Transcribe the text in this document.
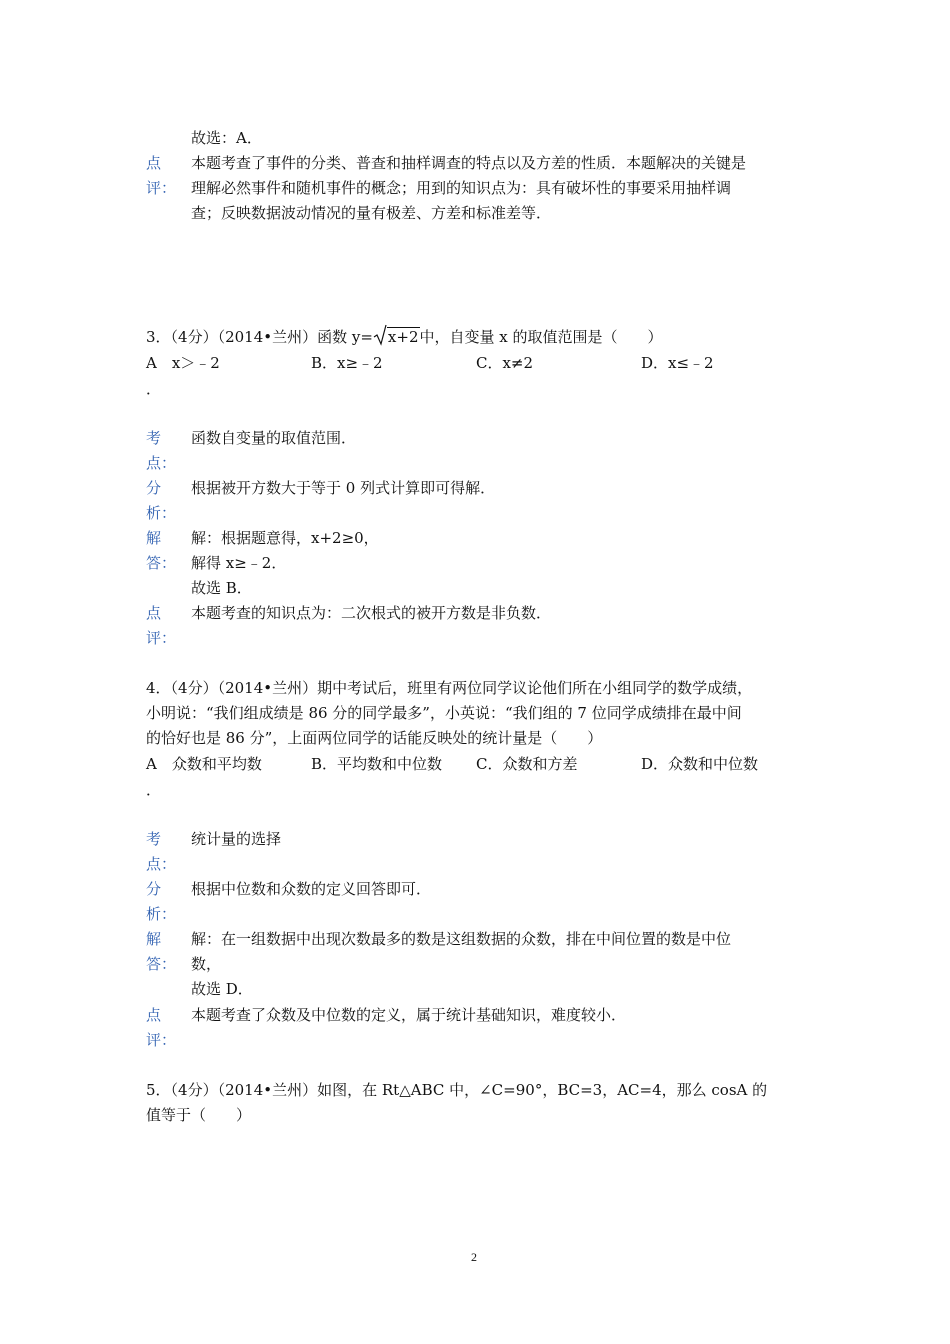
故选：A．
点
评：
本题考查了事件的分类、普查和抽样调查的特点以及方差的性质．本题解决的关键是
理解必然事件和随机事件的概念；用到的知识点为：具有破坏性的事要采用抽样调
查；反映数据波动情况的量有极差、方差和标准差等．
3．（4分）（2014•兰州）函数 y= x+2中，自变量 x 的取值范围是（　　）
A　x＞﹣2	B．x≥﹣2	C．x≠2	D．x≤﹣2
．
考
点：
函数自变量的取值范围．
分
析：
根据被开方数大于等于 0 列式计算即可得解．
解
答：
解：根据题意得，x+2≥0，
解得 x≥﹣2．
故选 B．
点
评：
本题考查的知识点为：二次根式的被开方数是非负数．
4．（4分）（2014•兰州）期中考试后，班里有两位同学议论他们所在小组同学的数学成绩，
小明说：“我们组成绩是 86 分的同学最多”，小英说：“我们组的 7 位同学成绩排在最中间
的恰好也是 86 分”，上面两位同学的话能反映处的统计量是（　　）
A　众数和平均数	B．平均数和中位数 C．众数和方差	D．众数和中位数
．
考
点：
统计量的选择
分
析：
根据中位数和众数的定义回答即可．
解
答：
解：在一组数据中出现次数最多的数是这组数据的众数，排在中间位置的数是中位
数，
故选 D．
点
评：
本题考查了众数及中位数的定义，属于统计基础知识，难度较小．
5．（4分）（2014•兰州）如图，在 Rt△ABC 中，∠C=90°，BC=3，AC=4，那么 cosA 的
值等于（　　）
2
